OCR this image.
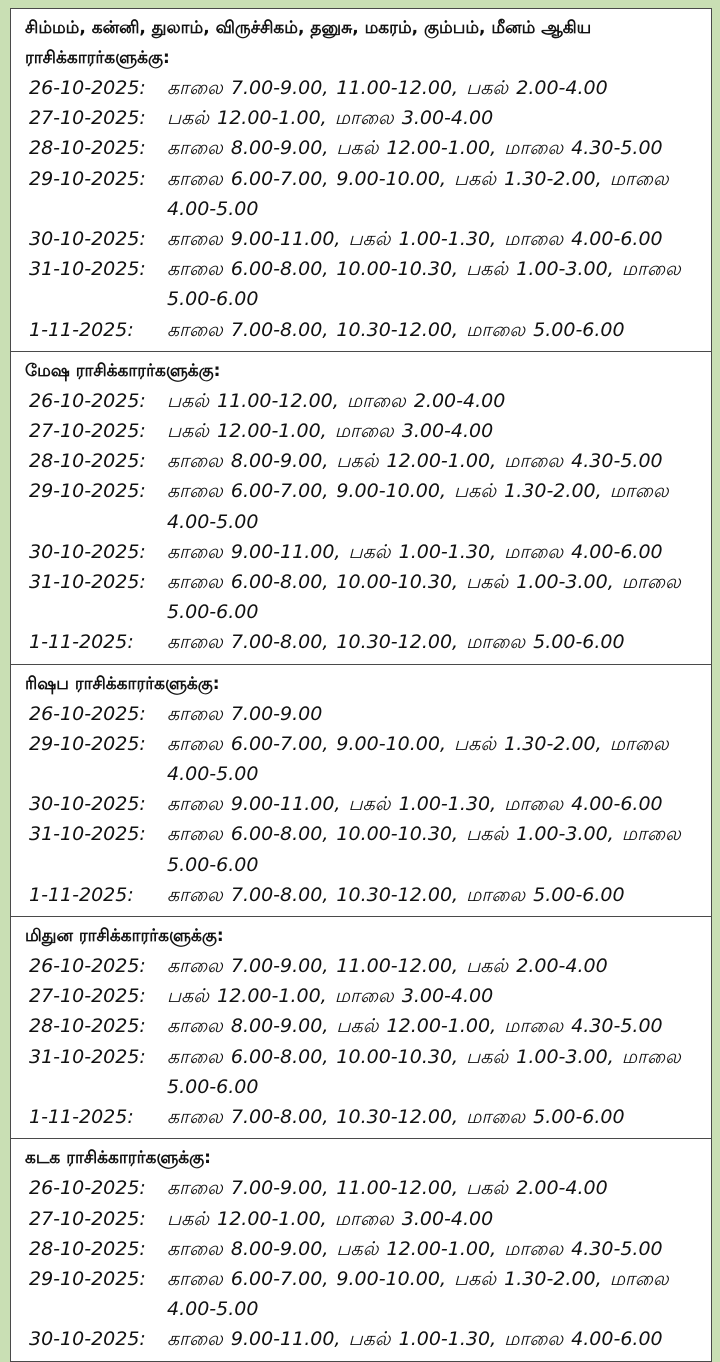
சிம்மம், கன்னி, துலாம், விருச்சிகம், தனுசு, மகரம், கும்பம், மீனம் ஆகிய ராசிக்காரர்களுக்கு:
26-10-2025:	காலை 7.00-9.00, 11.00-12.00, பகல் 2.00-4.00
27-10-2025:	பகல் 12.00-1.00, மாலை 3.00-4.00
28-10-2025:	காலை 8.00-9.00, பகல் 12.00-1.00, மாலை 4.30-5.00
29-10-2025:	காலை 6.00-7.00, 9.00-10.00, பகல் 1.30-2.00, மாலை 4.00-5.00
30-10-2025:	காலை 9.00-11.00, பகல் 1.00-1.30, மாலை 4.00-6.00
31-10-2025:	காலை 6.00-8.00, 10.00-10.30, பகல் 1.00-3.00, மாலை 5.00-6.00
1-11-2025:	காலை 7.00-8.00, 10.30-12.00, மாலை 5.00-6.00
மேஷ ராசிக்காரர்களுக்கு:
26-10-2025:	பகல் 11.00-12.00, மாலை 2.00-4.00
27-10-2025:	பகல் 12.00-1.00, மாலை 3.00-4.00
28-10-2025:	காலை 8.00-9.00, பகல் 12.00-1.00, மாலை 4.30-5.00
29-10-2025:	காலை 6.00-7.00, 9.00-10.00, பகல் 1.30-2.00, மாலை 4.00-5.00
30-10-2025:	காலை 9.00-11.00, பகல் 1.00-1.30, மாலை 4.00-6.00
31-10-2025:	காலை 6.00-8.00, 10.00-10.30, பகல் 1.00-3.00, மாலை 5.00-6.00
1-11-2025:	காலை 7.00-8.00, 10.30-12.00, மாலை 5.00-6.00
ரிஷப ராசிக்காரர்களுக்கு:
26-10-2025:	காலை 7.00-9.00
29-10-2025:	காலை 6.00-7.00, 9.00-10.00, பகல் 1.30-2.00, மாலை 4.00-5.00
30-10-2025:	காலை 9.00-11.00, பகல் 1.00-1.30, மாலை 4.00-6.00
31-10-2025:	காலை 6.00-8.00, 10.00-10.30, பகல் 1.00-3.00, மாலை 5.00-6.00
1-11-2025:	காலை 7.00-8.00, 10.30-12.00, மாலை 5.00-6.00
மிதுன ராசிக்காரர்களுக்கு:
26-10-2025:	காலை 7.00-9.00, 11.00-12.00, பகல் 2.00-4.00
27-10-2025:	பகல் 12.00-1.00, மாலை 3.00-4.00
28-10-2025:	காலை 8.00-9.00, பகல் 12.00-1.00, மாலை 4.30-5.00
31-10-2025:	காலை 6.00-8.00, 10.00-10.30, பகல் 1.00-3.00, மாலை 5.00-6.00
1-11-2025:	காலை 7.00-8.00, 10.30-12.00, மாலை 5.00-6.00
கடக ராசிக்காரர்களுக்கு:
26-10-2025:	காலை 7.00-9.00, 11.00-12.00, பகல் 2.00-4.00
27-10-2025:	பகல் 12.00-1.00, மாலை 3.00-4.00
28-10-2025:	காலை 8.00-9.00, பகல் 12.00-1.00, மாலை 4.30-5.00
29-10-2025:	காலை 6.00-7.00, 9.00-10.00, பகல் 1.30-2.00, மாலை 4.00-5.00
30-10-2025:	காலை 9.00-11.00, பகல் 1.00-1.30, மாலை 4.00-6.00
